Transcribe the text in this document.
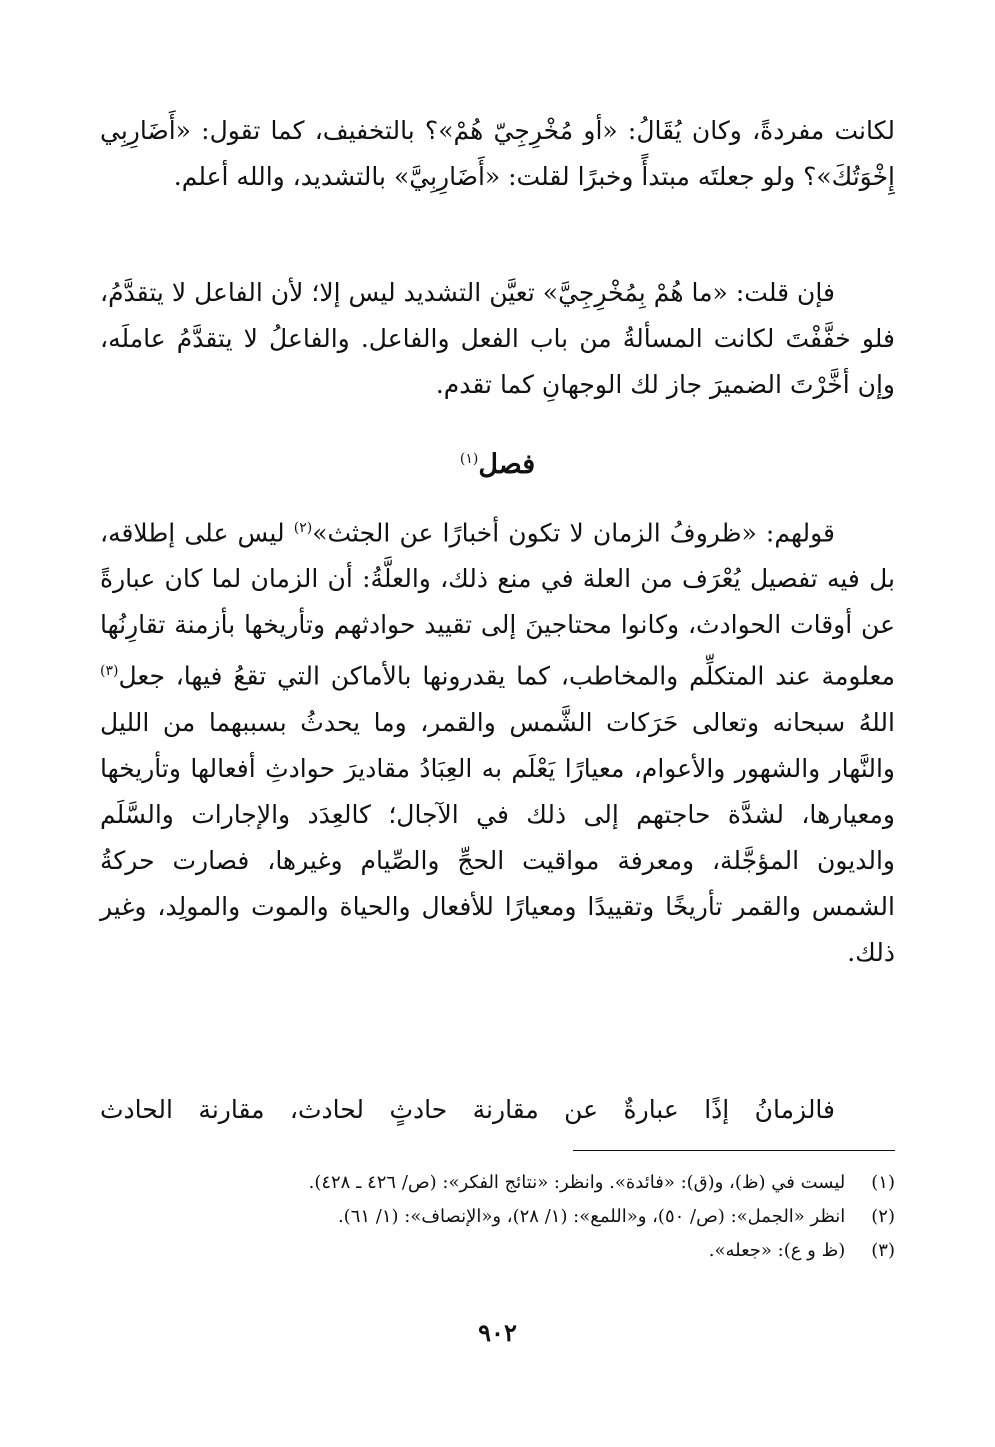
لكانت مفردةً، وكان يُقَالُ: «أو مُخْرِجِيّ هُمْ»؟ بالتخفيف، كما تقول: «أَضَارِبِي إِخْوَتُكَ»؟ ولو جعلتَه مبتدأً وخبرًا لقلت: «أَضَارِبِيَّ» بالتشديد، والله أعلم.

فإن قلت: «ما هُمْ بِمُخْرِجِيَّ» تعيَّن التشديد ليس إلا؛ لأن الفاعل لا يتقدَّمُ، فلو خفَّفْتَ لكانت المسألةُ من باب الفعل والفاعل. والفاعلُ لا يتقدَّمُ عاملَه، وإن أخَّرْتَ الضميرَ جاز لك الوجهانِ كما تقدم.

فصل$^{(١)}$

قولهم: «ظروفُ الزمان لا تكون أخبارًا عن الجثث»$^{(٢)}$ ليس على إطلاقه، بل فيه تفصيل يُعْرَف من العلة في منع ذلك، والعلَّةُ: أن الزمان لما كان عبارةً عن أوقات الحوادث، وكانوا محتاجينَ إلى تقييد حوادثهم وتأريخها بأزمنة تقارِنُها معلومة عند المتكلِّم والمخاطب، كما يقدرونها بالأماكن التي تقعُ فيها، جعل$^{(٣)}$ اللهُ سبحانه وتعالى حَرَكات الشَّمس والقمر، وما يحدثُ بسببهما من الليل والنَّهار والشهور والأعوام، معيارًا يَعْلَم به العِبَادُ مقاديرَ حوادثِ أفعالها وتأريخها ومعيارها، لشدَّة حاجتهم إلى ذلك في الآجال؛ كالعِدَد والإجارات والسَّلَم والديون المؤجَّلة، ومعرفة مواقيت الحجِّ والصِّيام وغيرها، فصارت حركةُ الشمس والقمر تأريخًا وتقييدًا ومعيارًا للأفعال والحياة والموت والمولِد، وغير ذلك.

فالزمانُ إذًا عبارةٌ عن مقارنة حادثٍ لحادث، مقارنة الحادث

(١) ليست في (ظ)، و(ق): «فائدة». وانظر: «نتائج الفكر»: (ص/ ٤٢٦ ـ ٤٢٨).
(٢) انظر «الجمل»: (ص/ ٥٠)، و«اللمع»: (١/ ٢٨)، و«الإنصاف»: (١/ ٦١).
(٣) (ظ و ع): «جعله».
٩٠٢
